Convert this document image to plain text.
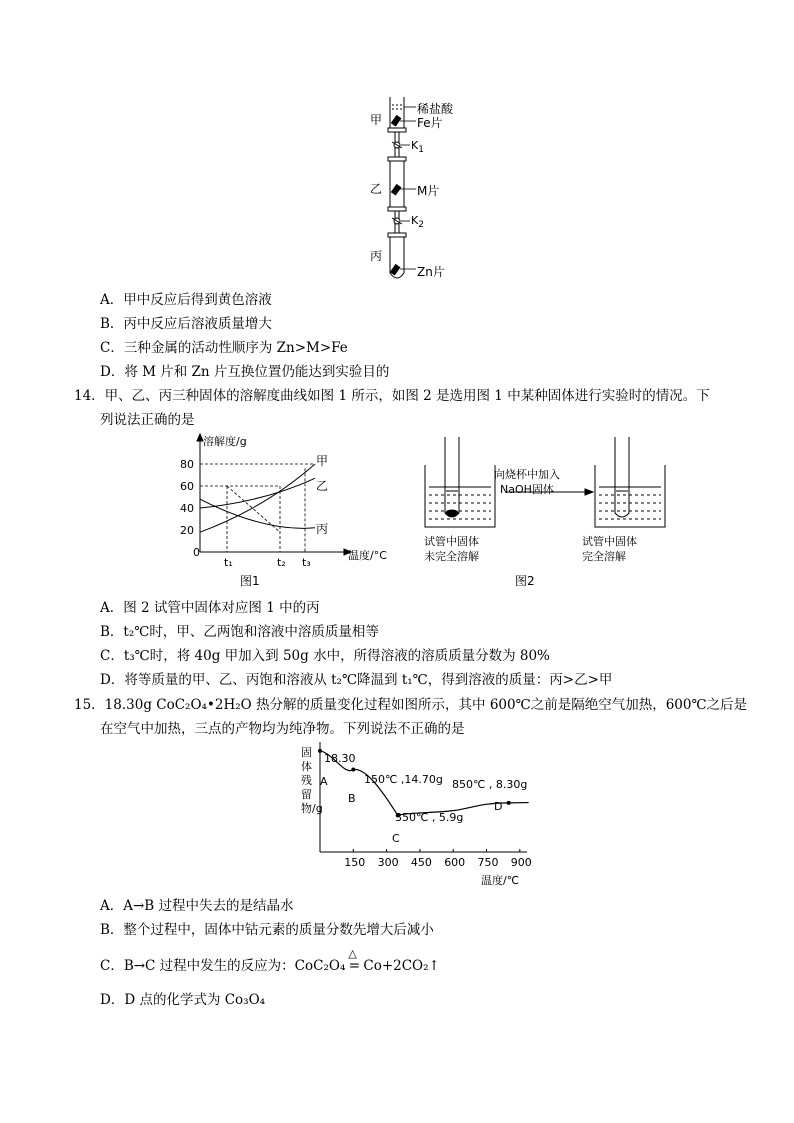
甲
乙
丙
稀盐酸
Fe片
$K_1$
M片
$K_2$
Zn片
A．甲中反应后得到黄色溶液
B．丙中反应后溶液质量增大
C．三种金属的活动性顺序为 Zn>M>Fe
D．将 M 片和 Zn 片互换位置仍能达到实验目的
14．甲、乙、丙三种固体的溶解度曲线如图 1 所示，如图 2 是选用图 1 中某种固体进行实验时的情况。下
列说法正确的是
0
20
40
60
80
t₁	t₂ t₃
溶解度/g
温度/°C
甲
乙
丙
图1
向烧杯中加入
NaOH固体
试管中固体
未完全溶解
试管中固体
完全溶解
图2
A．图 2 试管中固体对应图 1 中的丙
B．t₂℃时，甲、乙两饱和溶液中溶质质量相等
C．t₃℃时，将 40g 甲加入到 50g 水中，所得溶液的溶质质量分数为 80%
D．将等质量的甲、乙、丙饱和溶液从 t₂℃降温到 t₁℃，得到溶液的质量：丙>乙>甲
15．18.30g CoC₂O₄•2H₂O 热分解的质量变化过程如图所示，其中 600℃之前是隔绝空气加热，600℃之后是
在空气中加热，三点的产物均为纯净物。下列说法不正确的是
150 300 450 600 750 900
固体残留物/g
温度/℃
18.30
150℃ ,14.70g
350℃ , 5.9g
850℃ , 8.30g
A
B
C
D
A．A→B 过程中失去的是结晶水
B．整个过程中，固体中钴元素的质量分数先增大后减小
C．B→C 过程中发生的反应为：CoC₂O₄
△
= Co+2CO₂↑
D．D 点的化学式为 Co₃O₄
